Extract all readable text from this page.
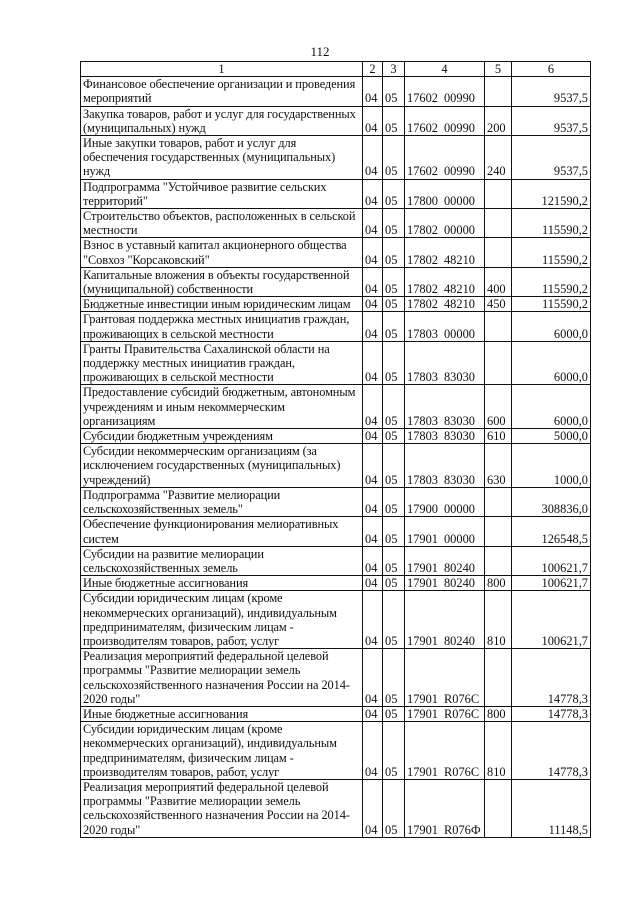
112
1	2	3	4	5	6
Финансовое обеспечение организации и проведения мероприятий	04	05	17602 00990		9537,5
Закупка товаров, работ и услуг для государственных (муниципальных) нужд	04	05	17602 00990	200	9537,5
Иные закупки товаров, работ и услуг для обеспечения государственных (муниципальных) нужд	04	05	17602 00990	240	9537,5
Подпрограмма "Устойчивое развитие сельских территорий"	04	05	17800 00000		121590,2
Строительство объектов, расположенных в сельской местности	04	05	17802 00000		115590,2
Взнос в уставный капитал акционерного общества "Совхоз "Корсаковский"	04	05	17802 48210		115590,2
Капитальные вложения в объекты государственной (муниципальной) собственности	04	05	17802 48210	400	115590,2
Бюджетные инвестиции иным юридическим лицам	04	05	17802 48210	450	115590,2
Грантовая поддержка местных инициатив граждан, проживающих в сельской местности	04	05	17803 00000		6000,0
Гранты Правительства Сахалинской области на поддержку местных инициатив граждан, проживающих в сельской местности	04	05	17803 83030		6000,0
Предоставление субсидий бюджетным, автономным учреждениям и иным некоммерческим организациям	04	05	17803 83030	600	6000,0
Субсидии бюджетным учреждениям	04	05	17803 83030	610	5000,0
Субсидии некоммерческим организациям (за исключением государственных (муниципальных) учреждений)	04	05	17803 83030	630	1000,0
Подпрограмма "Развитие мелиорации сельскохозяйственных земель"	04	05	17900 00000		308836,0
Обеспечение функционирования мелиоративных систем	04	05	17901 00000		126548,5
Субсидии на развитие мелиорации сельскохозяйственных земель	04	05	17901 80240		100621,7
Иные бюджетные ассигнования	04	05	17901 80240	800	100621,7
Субсидии юридическим лицам (кроме некоммерческих организаций), индивидуальным предпринимателям, физическим лицам - производителям товаров, работ, услуг	04	05	17901 80240	810	100621,7
Реализация мероприятий федеральной целевой программы "Развитие мелиорации земель сельскохозяйственного назначения России на 2014-2020 годы"	04	05	17901 R076C		14778,3
Иные бюджетные ассигнования	04	05	17901 R076C	800	14778,3
Субсидии юридическим лицам (кроме некоммерческих организаций), индивидуальным предпринимателям, физическим лицам - производителям товаров, работ, услуг	04	05	17901 R076C	810	14778,3
Реализация мероприятий федеральной целевой программы "Развитие мелиорации земель сельскохозяйственного назначения России на 2014-2020 годы"	04	05	17901 R076Ф		11148,5
